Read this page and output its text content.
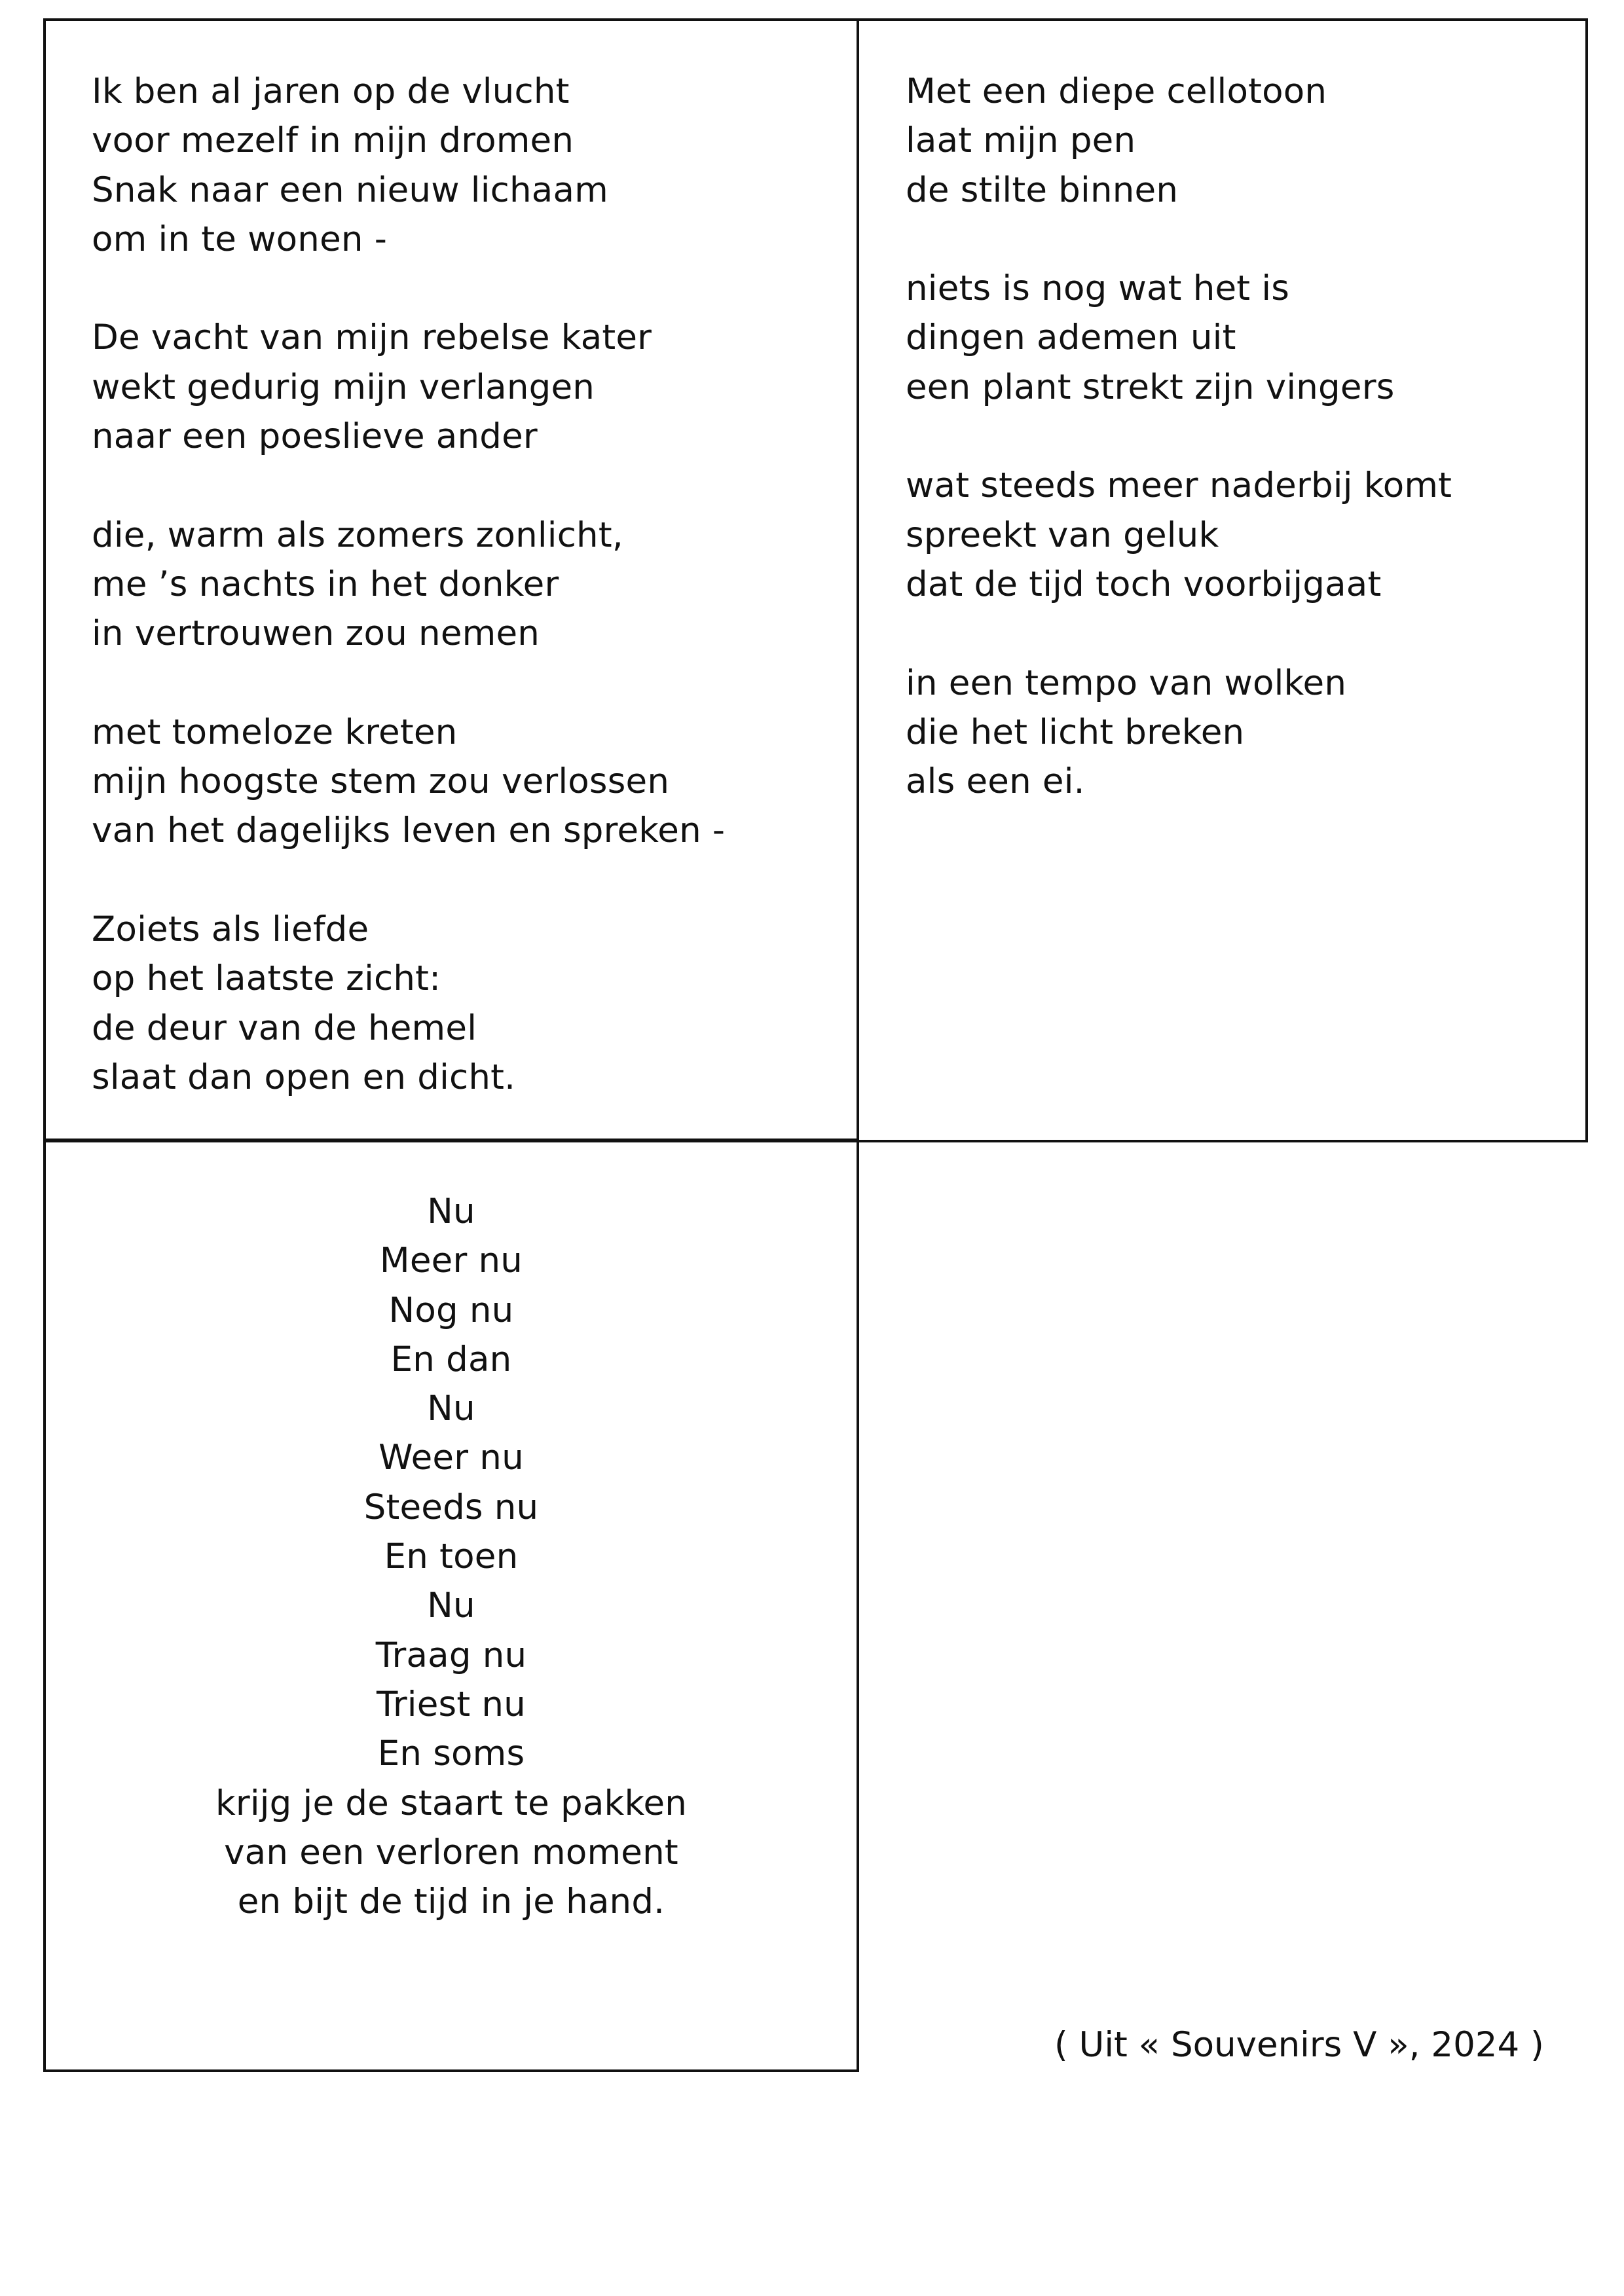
Ik ben al jaren op de vlucht
voor mezelf in mijn dromen
Snak naar een nieuw lichaam
om in te wonen -
De vacht van mijn rebelse kater
wekt gedurig mijn verlangen
naar een poeslieve ander
die, warm als zomers zonlicht,
me ’s nachts in het donker
in vertrouwen zou nemen
met tomeloze kreten
mijn hoogste stem zou verlossen
van het dagelijks leven en spreken -
Zoiets als liefde
op het laatste zicht:
de deur van de hemel
slaat dan open en dicht.
Met een diepe cellotoon
laat mijn pen
de stilte binnen
niets is nog wat het is
dingen ademen uit
een plant strekt zijn vingers
wat steeds meer naderbij komt
spreekt van geluk
dat de tijd toch voorbijgaat
in een tempo van wolken
die het licht breken
als een ei.
Nu
Meer nu
Nog nu
En dan
Nu
Weer nu
Steeds nu
En toen
Nu
Traag nu
Triest nu
En soms
krijg je de staart te pakken
van een verloren moment
en bijt de tijd in je hand.
( Uit « Souvenirs V », 2024 )
